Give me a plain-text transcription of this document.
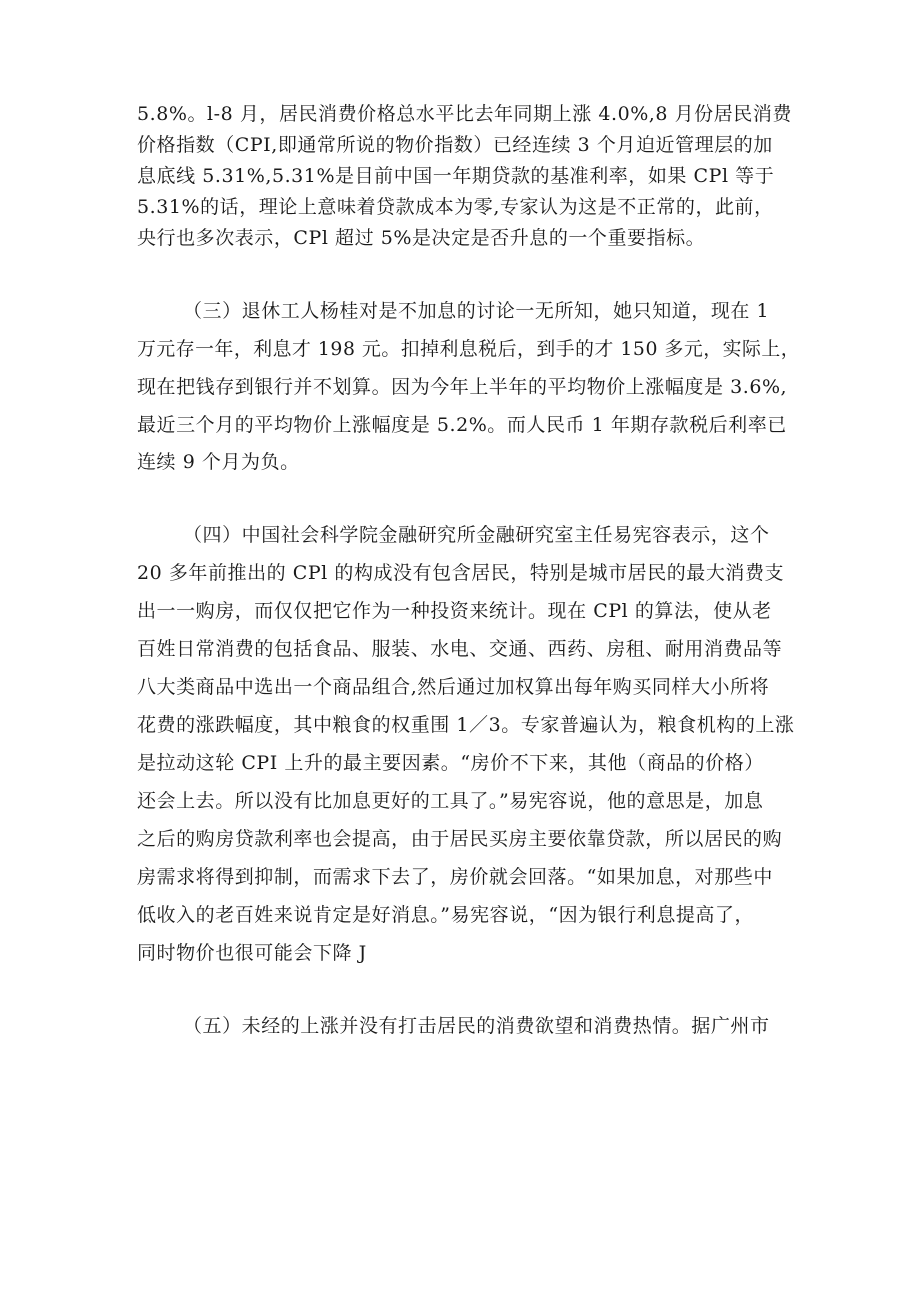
5.8%。l-8 月，居民消费价格总水平比去年同期上涨 4.0%,8 月份居民消费
价格指数（CPI,即通常所说的物价指数）已经连续 3 个月迫近管理层的加
息底线 5.31%,5.31%是目前中国一年期贷款的基准利率，如果 CPl 等于
5.31%的话，理论上意味着贷款成本为零,专家认为这是不正常的，此前，
央行也多次表示，CPl 超过 5%是决定是否升息的一个重要指标。
（三）退休工人杨桂对是不加息的讨论一无所知，她只知道，现在 1
万元存一年，利息才 198 元。扣掉利息税后，到手的才 150 多元，实际上，
现在把钱存到银行并不划算。因为今年上半年的平均物价上涨幅度是 3.6%,
最近三个月的平均物价上涨幅度是 5.2%。而人民币 1 年期存款税后利率已
连续 9 个月为负。
（四）中国社会科学院金融研究所金融研究室主任易宪容表示，这个
20 多年前推出的 CPl 的构成没有包含居民，特别是城市居民的最大消费支
出一一购房，而仅仅把它作为一种投资来统计。现在 CPl 的算法，使从老
百姓日常消费的包括食品、服装、水电、交通、西药、房租、耐用消费品等
八大类商品中选出一个商品组合,然后通过加权算出每年购买同样大小所将
花费的涨跌幅度，其中粮食的权重围 1／3。专家普遍认为，粮食机构的上涨
是拉动这轮 CPI 上升的最主要因素。“房价不下来，其他（商品的价格）
还会上去。所以没有比加息更好的工具了。”易宪容说，他的意思是，加息
之后的购房贷款利率也会提高，由于居民买房主要依靠贷款，所以居民的购
房需求将得到抑制，而需求下去了，房价就会回落。“如果加息，对那些中
低收入的老百姓来说肯定是好消息。”易宪容说，“因为银行利息提高了，
同时物价也很可能会下降 J
（五）未经的上涨并没有打击居民的消费欲望和消费热情。据广州市
